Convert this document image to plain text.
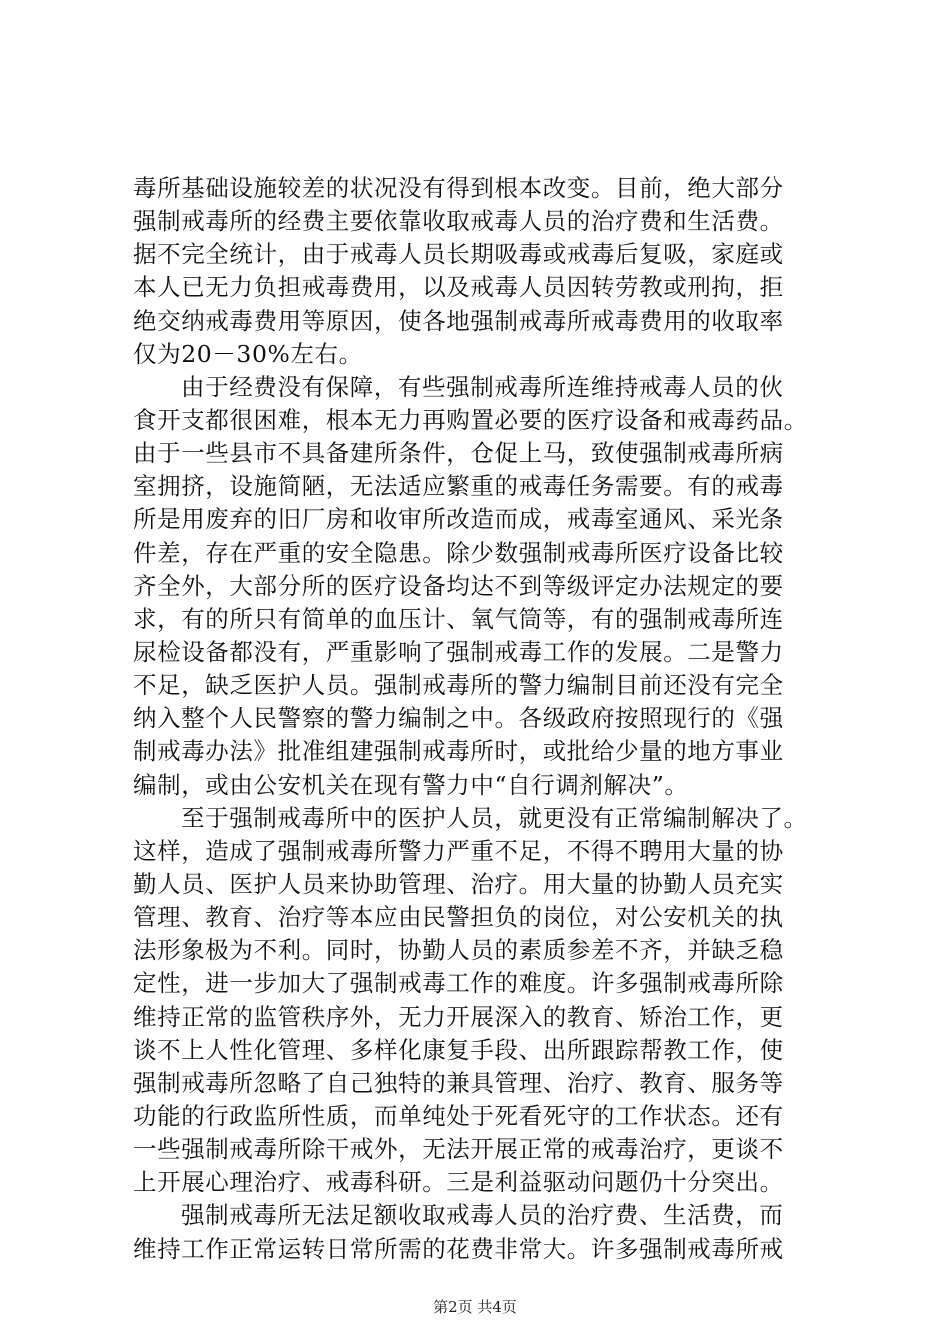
毒所基础设施较差的状况没有得到根本改变。目前，绝大部分
强制戒毒所的经费主要依靠收取戒毒人员的治疗费和生活费。
据不完全统计，由于戒毒人员长期吸毒或戒毒后复吸，家庭或
本人已无力负担戒毒费用，以及戒毒人员因转劳教或刑拘，拒
绝交纳戒毒费用等原因，使各地强制戒毒所戒毒费用的收取率
仅为20－30%左右。
由于经费没有保障，有些强制戒毒所连维持戒毒人员的伙
食开支都很困难，根本无力再购置必要的医疗设备和戒毒药品。
由于一些县市不具备建所条件，仓促上马，致使强制戒毒所病
室拥挤，设施简陋，无法适应繁重的戒毒任务需要。有的戒毒
所是用废弃的旧厂房和收审所改造而成，戒毒室通风、采光条
件差，存在严重的安全隐患。除少数强制戒毒所医疗设备比较
齐全外，大部分所的医疗设备均达不到等级评定办法规定的要
求，有的所只有简单的血压计、氧气筒等，有的强制戒毒所连
尿检设备都没有，严重影响了强制戒毒工作的发展。二是警力
不足，缺乏医护人员。强制戒毒所的警力编制目前还没有完全
纳入整个人民警察的警力编制之中。各级政府按照现行的《强
制戒毒办法》批准组建强制戒毒所时，或批给少量的地方事业
编制，或由公安机关在现有警力中“自行调剂解决”。
至于强制戒毒所中的医护人员，就更没有正常编制解决了。
这样，造成了强制戒毒所警力严重不足，不得不聘用大量的协
勤人员、医护人员来协助管理、治疗。用大量的协勤人员充实
管理、教育、治疗等本应由民警担负的岗位，对公安机关的执
法形象极为不利。同时，协勤人员的素质参差不齐，并缺乏稳
定性，进一步加大了强制戒毒工作的难度。许多强制戒毒所除
维持正常的监管秩序外，无力开展深入的教育、矫治工作，更
谈不上人性化管理、多样化康复手段、出所跟踪帮教工作，使
强制戒毒所忽略了自己独特的兼具管理、治疗、教育、服务等
功能的行政监所性质，而单纯处于死看死守的工作状态。还有
一些强制戒毒所除干戒外，无法开展正常的戒毒治疗，更谈不
上开展心理治疗、戒毒科研。三是利益驱动问题仍十分突出。
强制戒毒所无法足额收取戒毒人员的治疗费、生活费，而
维持工作正常运转日常所需的花费非常大。许多强制戒毒所戒
第2页 共4页
